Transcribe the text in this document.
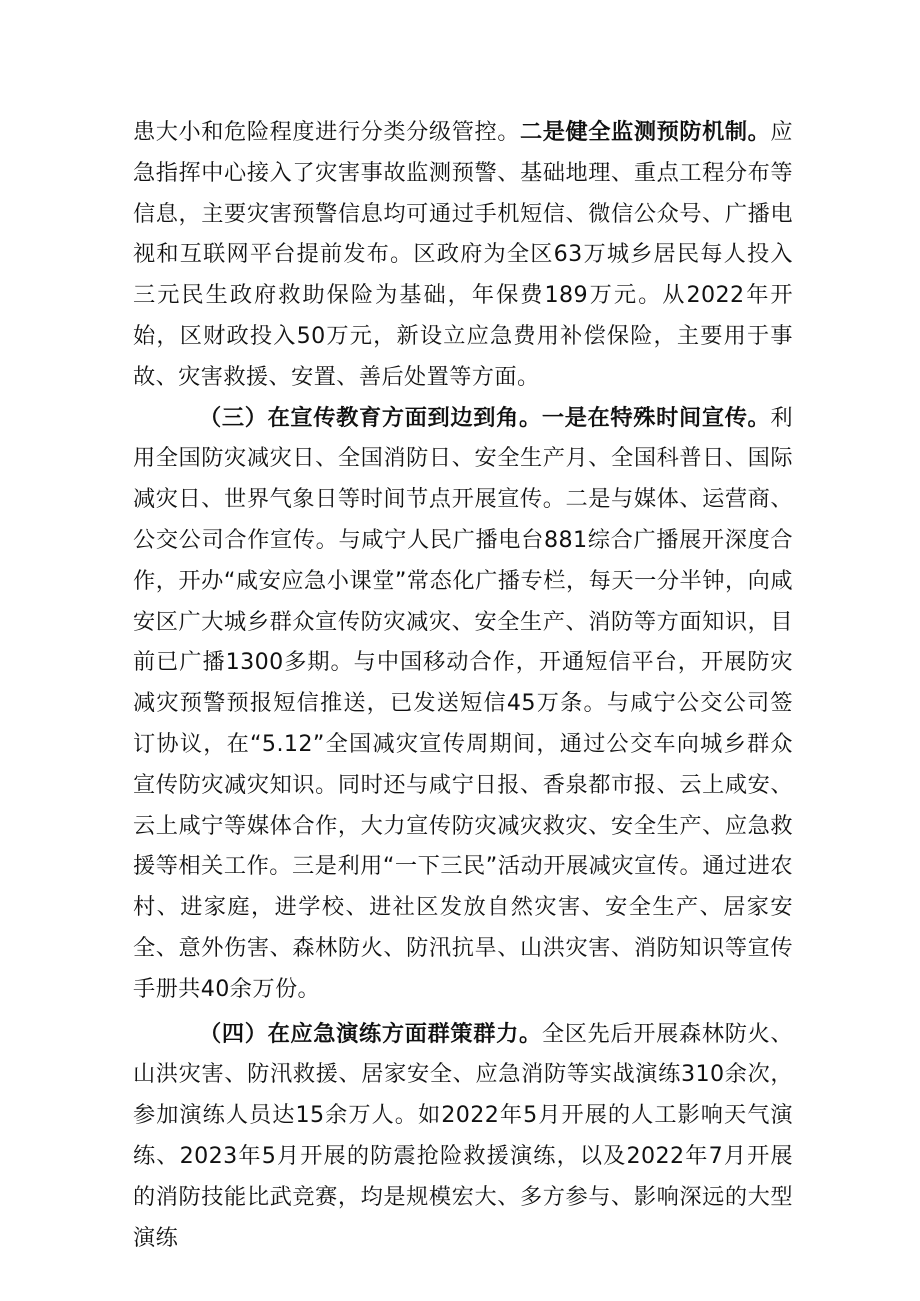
患大小和危险程度进行分类分级管控。二是健全监测预防机制。应急指挥中心接入了灾害事故监测预警、基础地理、重点工程分布等信息，主要灾害预警信息均可通过手机短信、微信公众号、广播电视和互联网平台提前发布。区政府为全区63万城乡居民每人投入三元民生政府救助保险为基础，年保费189万元。从2022年开始，区财政投入50万元，新设立应急费用补偿保险，主要用于事故、灾害救援、安置、善后处置等方面。

（三）在宣传教育方面到边到角。一是在特殊时间宣传。利用全国防灾减灾日、全国消防日、安全生产月、全国科普日、国际减灾日、世界气象日等时间节点开展宣传。二是与媒体、运营商、公交公司合作宣传。与咸宁人民广播电台881综合广播展开深度合作，开办“咸安应急小课堂”常态化广播专栏，每天一分半钟，向咸安区广大城乡群众宣传防灾减灾、安全生产、消防等方面知识，目前已广播1300多期。与中国移动合作，开通短信平台，开展防灾减灾预警预报短信推送，已发送短信45万条。与咸宁公交公司签订协议，在“5.12”全国减灾宣传周期间，通过公交车向城乡群众宣传防灾减灾知识。同时还与咸宁日报、香泉都市报、云上咸安、云上咸宁等媒体合作，大力宣传防灾减灾救灾、安全生产、应急救援等相关工作。三是利用“一下三民”活动开展减灾宣传。通过进农村、进家庭，进学校、进社区发放自然灾害、安全生产、居家安全、意外伤害、森林防火、防汛抗旱、山洪灾害、消防知识等宣传手册共40余万份。

（四）在应急演练方面群策群力。全区先后开展森林防火、山洪灾害、防汛救援、居家安全、应急消防等实战演练310余次，参加演练人员达15余万人。如2022年5月开展的人工影响天气演练、2023年5月开展的防震抢险救援演练，以及2022年7月开展的消防技能比武竞赛，均是规模宏大、多方参与、影响深远的大型演练
